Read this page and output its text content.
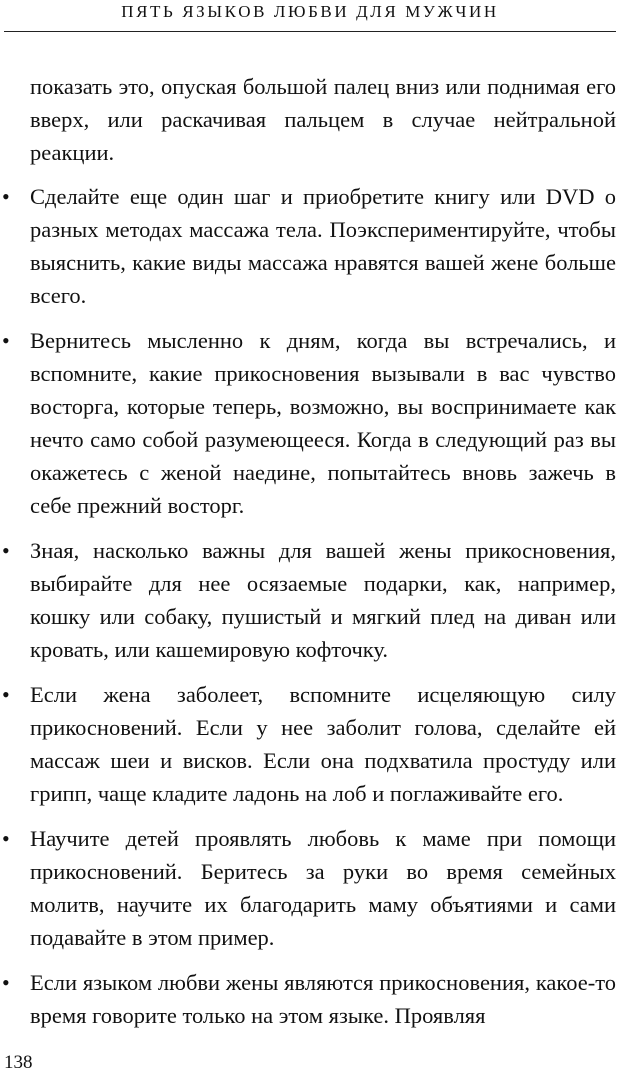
ПЯТЬ ЯЗЫКОВ ЛЮБВИ ДЛЯ МУЖЧИН

показать это, опуская большой палец вниз или поднимая его вверх, или раскачивая пальцем в случае нейтральной реакции.

• Сделайте еще один шаг и приобретите книгу или DVD о разных методах массажа тела. Поэкспериментируйте, чтобы выяснить, какие виды массажа нравятся вашей жене больше всего.

• Вернитесь мысленно к дням, когда вы встречались, и вспомните, какие прикосновения вызывали в вас чувство восторга, которые теперь, возможно, вы воспринимаете как нечто само собой разумеющееся. Когда в следующий раз вы окажетесь с женой наедине, попытайтесь вновь зажечь в себе прежний восторг.

• Зная, насколько важны для вашей жены прикосновения, выбирайте для нее осязаемые подарки, как, например, кошку или собаку, пушистый и мягкий плед на диван или кровать, или кашемировую кофточку.

• Если жена заболеет, вспомните исцеляющую силу прикосновений. Если у нее заболит голова, сделайте ей массаж шеи и висков. Если она подхватила простуду или грипп, чаще кладите ладонь на лоб и поглаживайте его.

• Научите детей проявлять любовь к маме при помощи прикосновений. Беритесь за руки во время семейных молитв, научите их благодарить маму объятиями и сами подавайте в этом пример.

• Если языком любви жены являются прикосновения, какое-то время говорите только на этом языке. Проявляя

138
